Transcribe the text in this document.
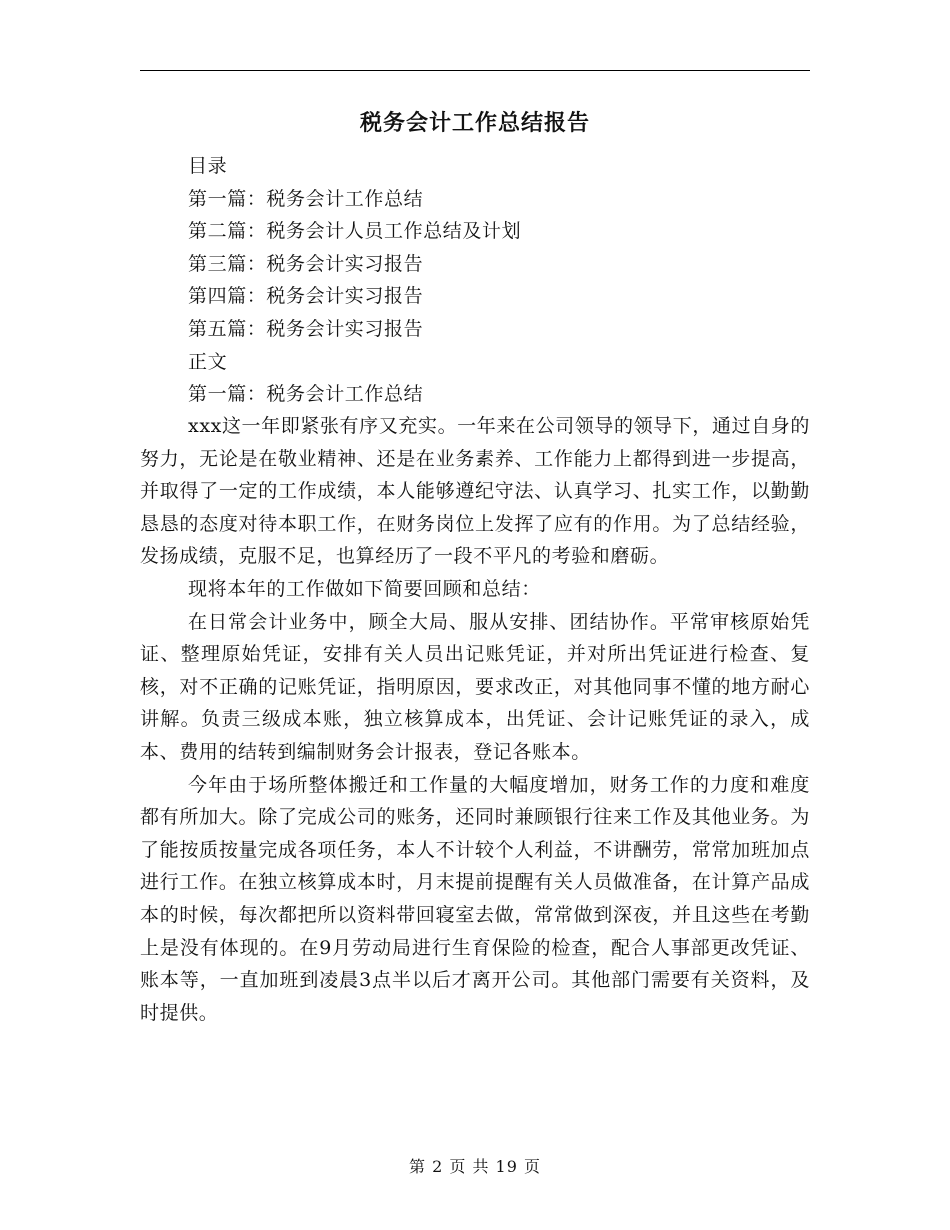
税务会计工作总结报告
目录
第一篇：税务会计工作总结
第二篇：税务会计人员工作总结及计划
第三篇：税务会计实习报告
第四篇：税务会计实习报告
第五篇：税务会计实习报告
正文
第一篇：税务会计工作总结

xxx这一年即紧张有序又充实。一年来在公司领导的领导下，通过自身的努力，无论是在敬业精神、还是在业务素养、工作能力上都得到进一步提高，并取得了一定的工作成绩，本人能够遵纪守法、认真学习、扎实工作，以勤勤恳恳的态度对待本职工作，在财务岗位上发挥了应有的作用。为了总结经验，发扬成绩，克服不足，也算经历了一段不平凡的考验和磨砺。

现将本年的工作做如下简要回顾和总结：

在日常会计业务中，顾全大局、服从安排、团结协作。平常审核原始凭证、整理原始凭证，安排有关人员出记账凭证，并对所出凭证进行检查、复核，对不正确的记账凭证，指明原因，要求改正，对其他同事不懂的地方耐心讲解。负责三级成本账，独立核算成本，出凭证、会计记账凭证的录入，成本、费用的结转到编制财务会计报表，登记各账本。

今年由于场所整体搬迁和工作量的大幅度增加，财务工作的力度和难度都有所加大。除了完成公司的账务，还同时兼顾银行往来工作及其他业务。为了能按质按量完成各项任务，本人不计较个人利益，不讲酬劳，常常加班加点进行工作。在独立核算成本时，月末提前提醒有关人员做准备，在计算产品成本的时候，每次都把所以资料带回寝室去做，常常做到深夜，并且这些在考勤上是没有体现的。在9月劳动局进行生育保险的检查，配合人事部更改凭证、账本等，一直加班到凌晨3点半以后才离开公司。其他部门需要有关资料，及时提供。

第 2 页 共 19 页
